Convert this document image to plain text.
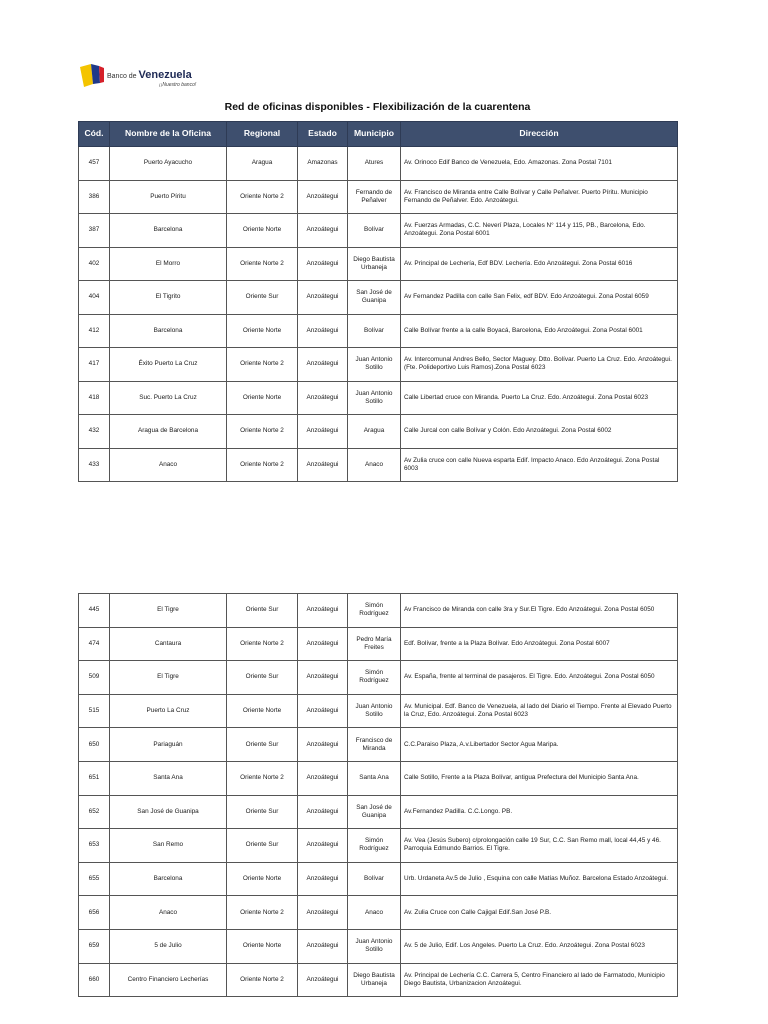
Banco de Venezuela
¡¡Nuestro banco!
Red de oficinas disponibles - Flexibilización de la cuarentena
Cód.	Nombre de la Oficina	Regional	Estado	Municipio	Dirección
457	Puerto Ayacucho	Aragua	Amazonas	Atures	Av. Orinoco Edif Banco de Venezuela, Edo. Amazonas. Zona Postal 7101
386	Puerto Píritu	Oriente Norte 2	Anzoátegui	Fernando de Peñalver	Av. Francisco de Miranda entre Calle Bolívar y Calle Peñalver. Puerto Píritu. Municipio Fernando de Peñalver. Edo. Anzoátegui.
387	Barcelona	Oriente Norte	Anzoátegui	Bolívar	Av. Fuerzas Armadas, C.C. Neverí Plaza, Locales N° 114 y 115, PB., Barcelona, Edo. Anzoátegui. Zona Postal 6001
402	El Morro	Oriente Norte 2	Anzoátegui	Diego Bautista Urbaneja	Av. Principal de Lechería, Edf BDV. Lechería. Edo Anzoátegui. Zona Postal 6016
404	El Tigrito	Oriente Sur	Anzoátegui	San José de Guanipa	Av Fernandez Padilla con calle San Felix, edf BDV. Edo Anzoátegui. Zona Postal 6059
412	Barcelona	Oriente Norte	Anzoátegui	Bolívar	Calle Bolívar frente a la calle Boyacá, Barcelona, Edo Anzoátegui. Zona Postal 6001
417	Éxito Puerto La Cruz	Oriente Norte 2	Anzoátegui	Juan Antonio Sotillo	Av. Intercomunal Andres Bello, Sector Maguey. Dtto. Bolívar. Puerto La Cruz. Edo. Anzoátegui. (Fte. Polideportivo Luis Ramos).Zona Postal 6023
418	Suc. Puerto La Cruz	Oriente Norte	Anzoátegui	Juan Antonio Sotillo	Calle Libertad cruce con Miranda. Puerto La Cruz. Edo. Anzoátegui. Zona Postal 6023
432	Aragua de Barcelona	Oriente Norte 2	Anzoátegui	Aragua	Calle Jurcal con calle Bolívar y Colón. Edo Anzoátegui. Zona Postal 6002
433	Anaco	Oriente Norte 2	Anzoátegui	Anaco	Av Zulia cruce con calle Nueva esparta Edif. Impacto Anaco. Edo Anzoátegui. Zona Postal 6003
445	El Tigre	Oriente Sur	Anzoátegui	Simón Rodríguez	Av Francisco de Miranda con calle 3ra y Sur.El Tigre. Edo Anzoátegui. Zona Postal 6050
474	Cantaura	Oriente Norte 2	Anzoátegui	Pedro María Freites	Edf. Bolívar, frente a la Plaza Bolívar. Edo Anzoátegui. Zona Postal 6007
509	El Tigre	Oriente Sur	Anzoátegui	Simón Rodríguez	Av. España, frente al terminal de pasajeros. El Tigre. Edo. Anzoátegui. Zona Postal 6050
515	Puerto La Cruz	Oriente Norte	Anzoátegui	Juan Antonio Sotillo	Av. Municipal. Edf. Banco de Venezuela, al lado del Diario el Tiempo. Frente al Elevado Puerto la Cruz, Edo. Anzoátegui. Zona Postal 6023
650	Pariaguán	Oriente Sur	Anzoátegui	Francisco de Miranda	C.C.Paraiso Plaza, A.v.Libertador Sector Agua Maripa.
651	Santa Ana	Oriente Norte 2	Anzoátegui	Santa Ana	Calle Sotillo, Frente a la Plaza Bolívar, antigua Prefectura del Municipio Santa Ana.
652	San José de Guanipa	Oriente Sur	Anzoátegui	San José de Guanipa	Av.Fernandez Padilla. C.C.Longo. PB.
653	San Remo	Oriente Sur	Anzoátegui	Simón Rodríguez	Av. Vea (Jesús Subero) c/prolongación calle 19 Sur, C.C. San Remo mall, local 44,45 y 46. Parroquia Edmundo Barrios. El Tigre.
655	Barcelona	Oriente Norte	Anzoátegui	Bolívar	Urb. Urdaneta Av.5 de Julio , Esquina con calle Matías Muñoz. Barcelona Estado Anzoátegui.
656	Anaco	Oriente Norte 2	Anzoátegui	Anaco	Av. Zulia Cruce con Calle Cajigal Edif.San José P.B.
659	5 de Julio	Oriente Norte	Anzoátegui	Juan Antonio Sotillo	Av. 5 de Julio, Edif. Los Angeles. Puerto La Cruz. Edo. Anzoátegui. Zona Postal 6023
660	Centro Financiero Lecherías	Oriente Norte 2	Anzoátegui	Diego Bautista Urbaneja	Av. Principal de Lechería C.C. Carrera 5, Centro Financiero al lado de Farmatodo, Municipio Diego Bautista, Urbanizacion Anzoátegui.
